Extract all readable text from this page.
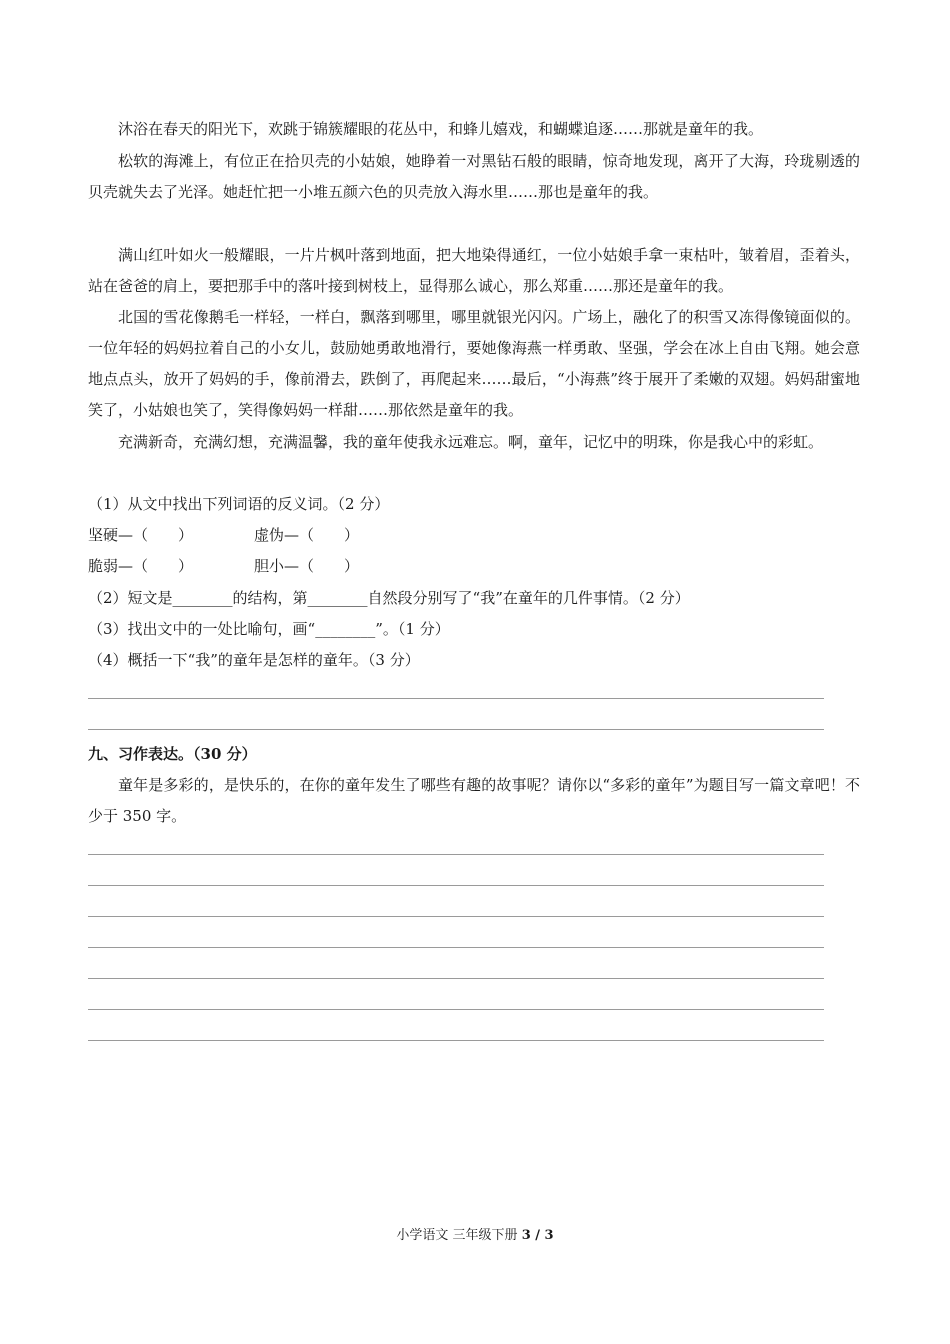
沐浴在春天的阳光下，欢跳于锦簇耀眼的花丛中，和蜂儿嬉戏，和蝴蝶追逐……那就是童年的我。

松软的海滩上，有位正在拾贝壳的小姑娘，她睁着一对黑钻石般的眼睛，惊奇地发现，离开了大海，玲珑剔透的贝壳就失去了光泽。她赶忙把一小堆五颜六色的贝壳放入海水里……那也是童年的我。

满山红叶如火一般耀眼，一片片枫叶落到地面，把大地染得通红，一位小姑娘手拿一束枯叶，皱着眉，歪着头，站在爸爸的肩上，要把那手中的落叶接到树枝上，显得那么诚心，那么郑重……那还是童年的我。

北国的雪花像鹅毛一样轻，一样白，飘落到哪里，哪里就银光闪闪。广场上，融化了的积雪又冻得像镜面似的。一位年轻的妈妈拉着自己的小女儿，鼓励她勇敢地滑行，要她像海燕一样勇敢、坚强，学会在冰上自由飞翔。她会意地点点头，放开了妈妈的手，像前滑去，跌倒了，再爬起来……最后，“小海燕”终于展开了柔嫩的双翅。妈妈甜蜜地笑了，小姑娘也笑了，笑得像妈妈一样甜……那依然是童年的我。

充满新奇，充满幻想，充满温馨，我的童年使我永远难忘。啊，童年，记忆中的明珠，你是我心中的彩虹。

（1）从文中找出下列词语的反义词。（2 分）

坚硬—（　　）	虚伪—（　　）

脆弱—（　　）	胆小—（　　）

（2）短文是________的结构，第________自然段分别写了“我”在童年的几件事情。（2 分）

（3）找出文中的一处比喻句，画“________”。（1 分）

（4）概括一下“我”的童年是怎样的童年。（3 分）

九、习作表达。（30 分）

童年是多彩的，是快乐的，在你的童年发生了哪些有趣的故事呢？请你以“多彩的童年”为题目写一篇文章吧！不少于 350 字。

小学语文 三年级下册 3 / 3
